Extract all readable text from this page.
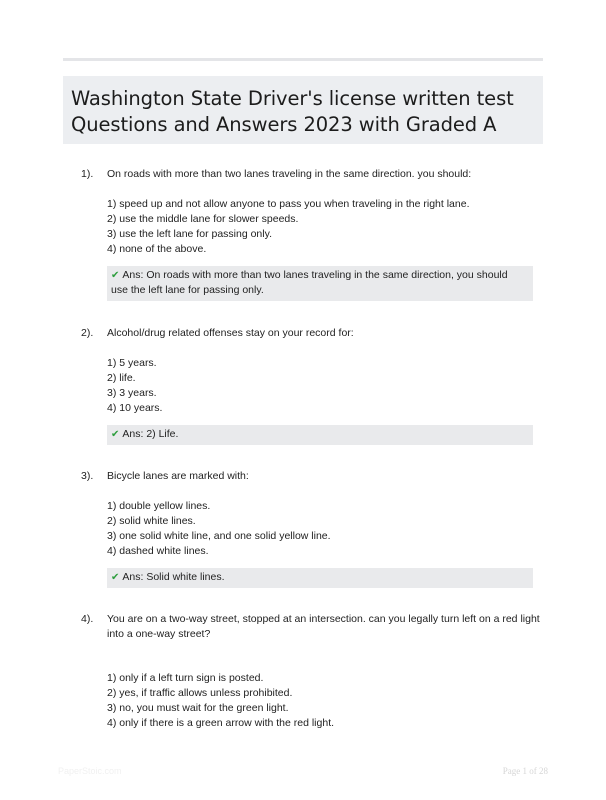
Washington State Driver's license written test
Questions and Answers 2023 with Graded A
1). On roads with more than two lanes traveling in the same direction. you should:
1) speed up and not allow anyone to pass you when traveling in the right lane.
2) use the middle lane for slower speeds.
3) use the left lane for passing only.
4) none of the above.
✔ Ans: On roads with more than two lanes traveling in the same direction, you should use the left lane for passing only.
2). Alcohol/drug related offenses stay on your record for:
1) 5 years.
2) life.
3) 3 years.
4) 10 years.
✔ Ans: 2) Life.
3). Bicycle lanes are marked with:
1) double yellow lines.
2) solid white lines.
3) one solid white line, and one solid yellow line.
4) dashed white lines.
✔ Ans: Solid white lines.
4). You are on a two-way street, stopped at an intersection. can you legally turn left on a red light into a one-way street?
1) only if a left turn sign is posted.
2) yes, if traffic allows unless prohibited.
3) no, you must wait for the green light.
4) only if there is a green arrow with the red light.
PaperStoic.com	Page 1 of 28
